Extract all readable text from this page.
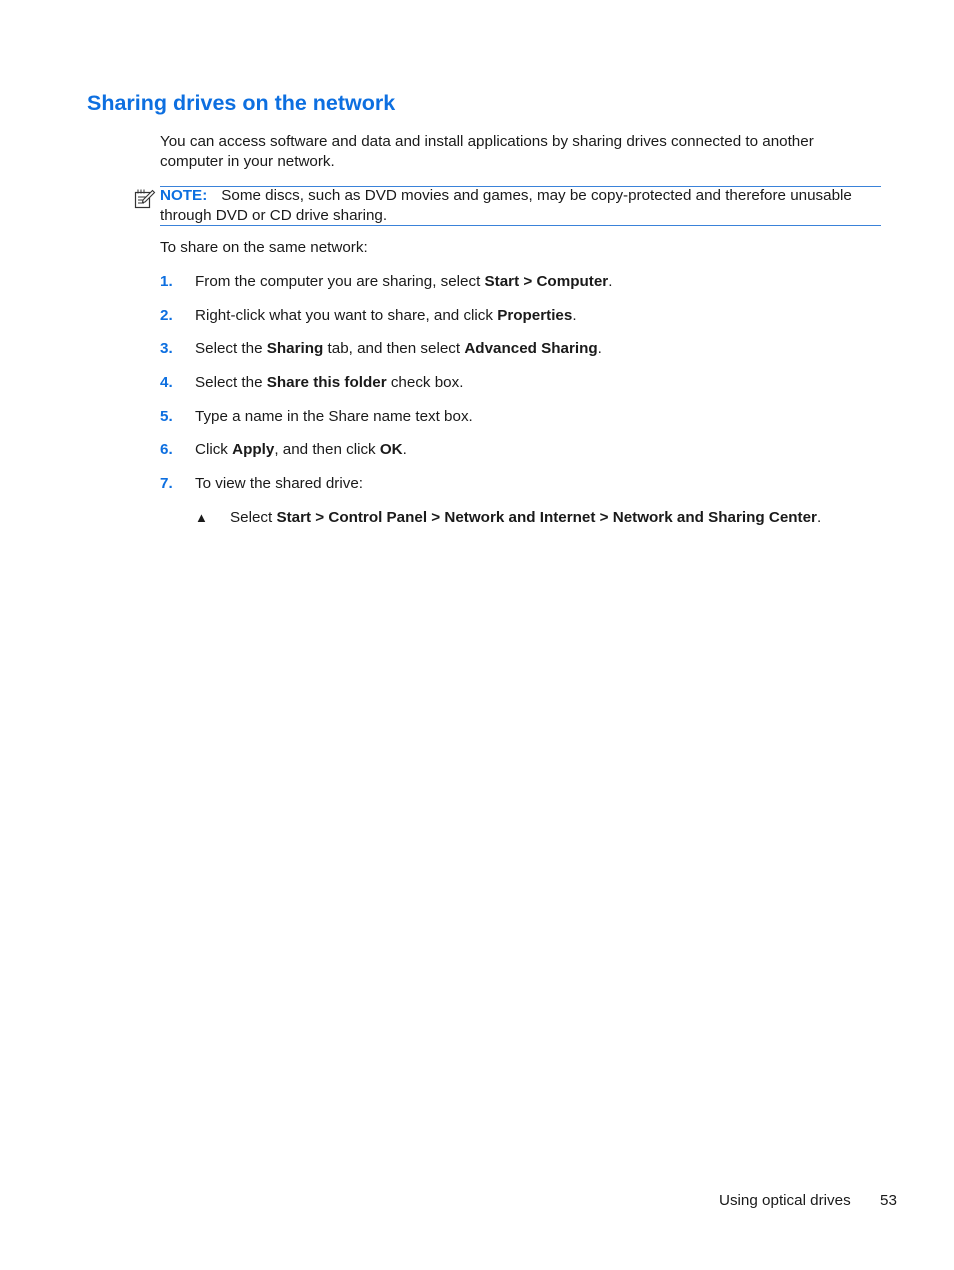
Sharing drives on the network
You can access software and data and install applications by sharing drives connected to another computer in your network.
NOTE: Some discs, such as DVD movies and games, may be copy-protected and therefore unusable through DVD or CD drive sharing.
To share on the same network:
1. From the computer you are sharing, select Start > Computer.
2. Right-click what you want to share, and click Properties.
3. Select the Sharing tab, and then select Advanced Sharing.
4. Select the Share this folder check box.
5. Type a name in the Share name text box.
6. Click Apply, and then click OK.
7. To view the shared drive:
▲ Select Start > Control Panel > Network and Internet > Network and Sharing Center.
Using optical drives 53
